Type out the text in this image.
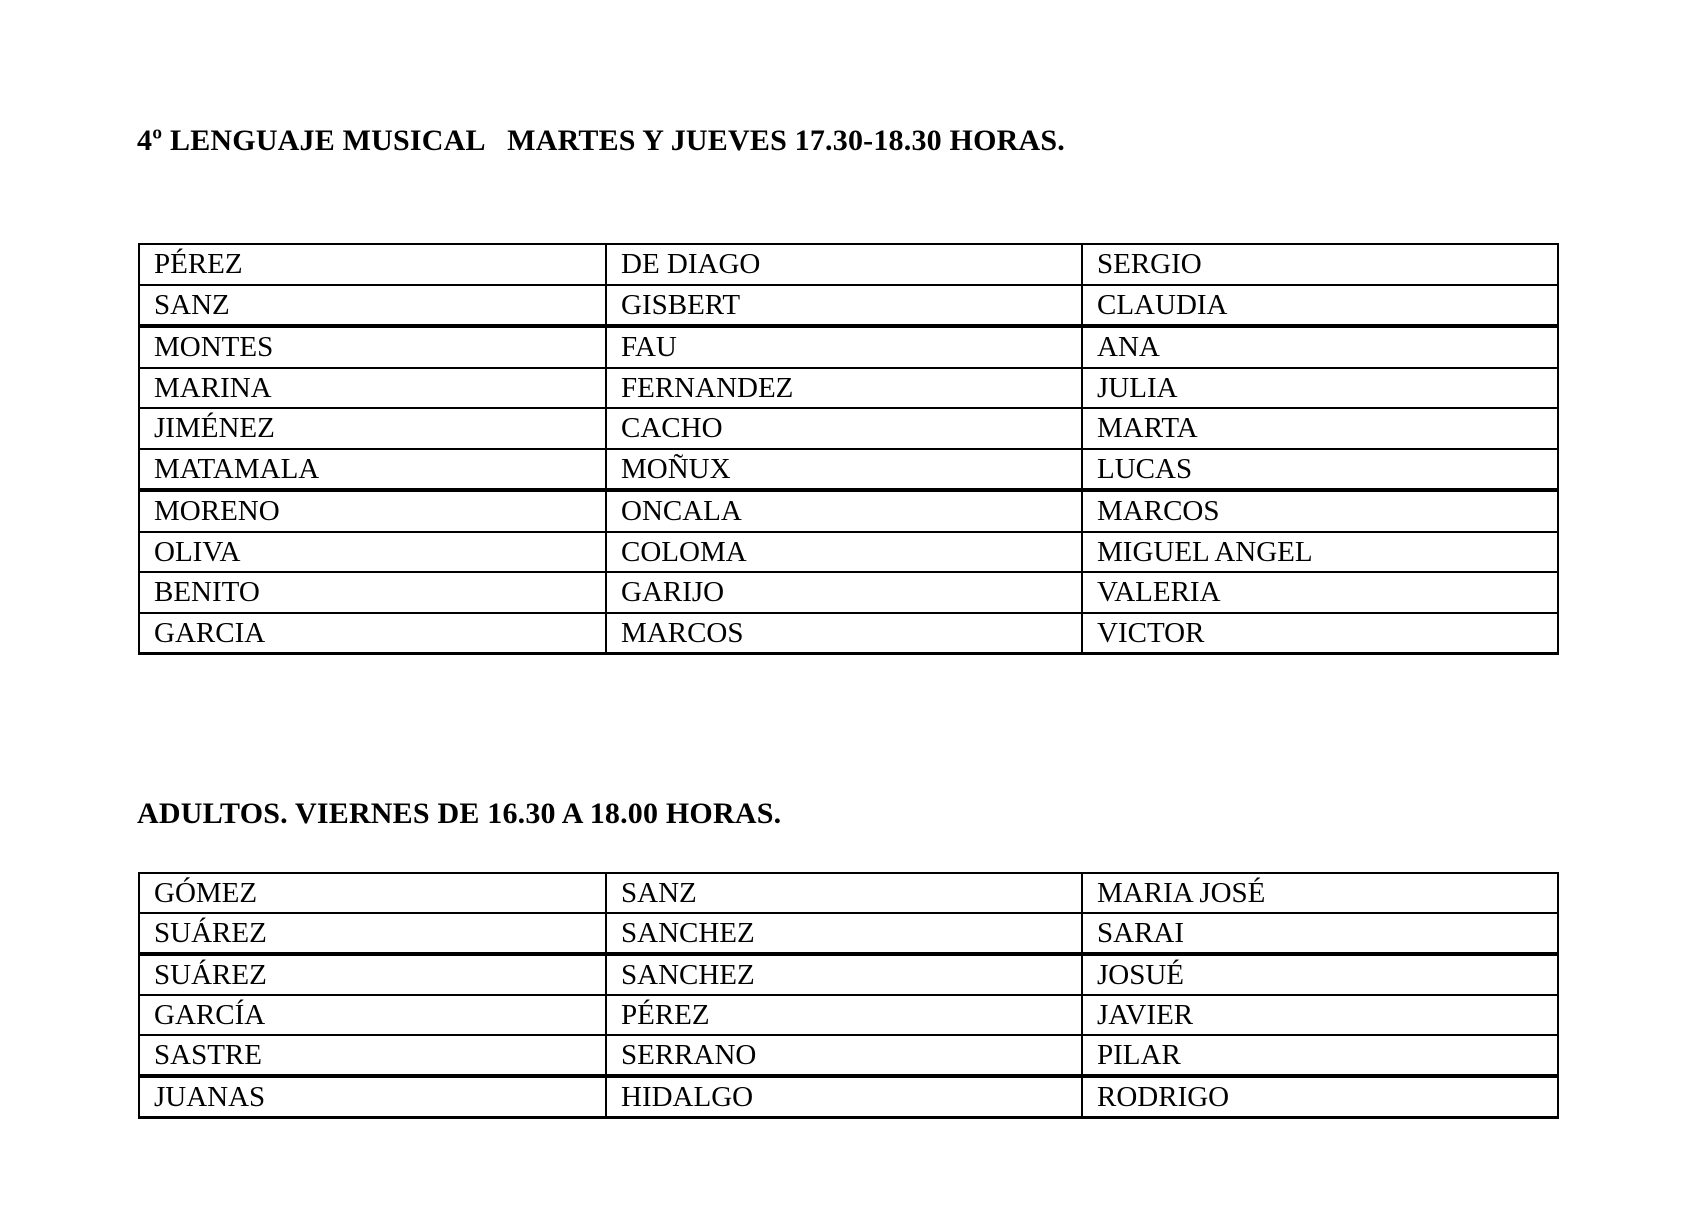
4º LENGUAJE MUSICAL   MARTES Y JUEVES 17.30-18.30 HORAS.
PÉREZ	DE DIAGO	SERGIO
SANZ	GISBERT	CLAUDIA
MONTES	FAU	ANA
MARINA	FERNANDEZ	JULIA
JIMÉNEZ	CACHO	MARTA
MATAMALA	MOÑUX	LUCAS
MORENO	ONCALA	MARCOS
OLIVA	COLOMA	MIGUEL ANGEL
BENITO	GARIJO	VALERIA
GARCIA	MARCOS	VICTOR
ADULTOS. VIERNES DE 16.30 A 18.00 HORAS.
GÓMEZ	SANZ	MARIA JOSÉ
SUÁREZ	SANCHEZ	SARAI
SUÁREZ	SANCHEZ	JOSUÉ
GARCÍA	PÉREZ	JAVIER
SASTRE	SERRANO	PILAR
JUANAS	HIDALGO	RODRIGO
